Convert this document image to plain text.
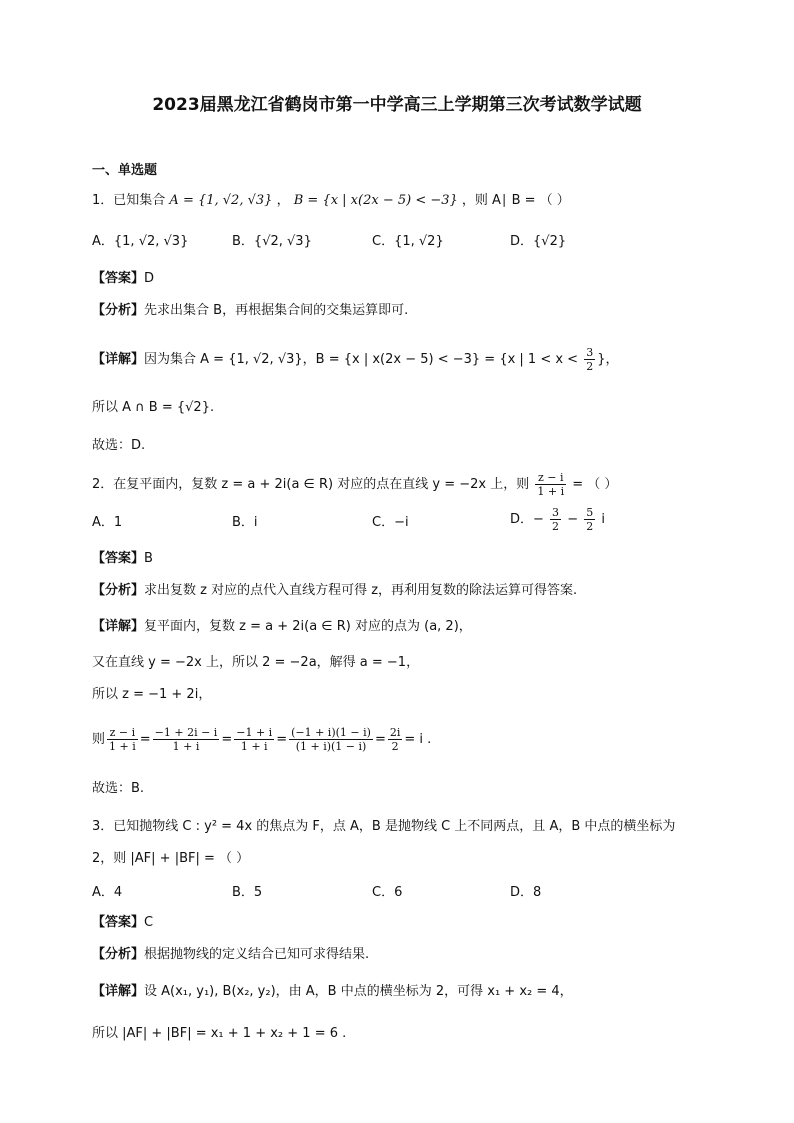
2023届黑龙江省鹤岗市第一中学高三上学期第三次考试数学试题
一、单选题
1．已知集合 A = {1, √2, √3} ， B = {x | x(2x − 5) < −3} ，则 A∣ B = （ ）
A．{1, √2, √3}	B．{√2, √3}	C．{1, √2}	D．{√2}
【答案】D
【分析】先求出集合 B，再根据集合间的交集运算即可.
【详解】因为集合 A = {1, √2, √3}，B = {x | x(2x − 5) < −3} = {x | $1 < x < \frac{3}{2}$ }，
所以 A ∩ B = {√2}.
故选：D.
2．在复平面内，复数 z = a + 2i(a ∈ R) 对应的点在直线 y = −2x 上，则 $\frac{z - i}{1 + i}$ = （ ）
A．1	B．i	C．−i	D．− $\frac{3}{2} - \frac{5}{2}$ i
【答案】B
【分析】求出复数 z 对应的点代入直线方程可得 z，再利用复数的除法运算可得答案.
【详解】复平面内，复数 z = a + 2i(a ∈ R) 对应的点为 (a, 2)，
又在直线 y = −2x 上，所以 2 = −2a，解得 a = −1，
所以 z = −1 + 2i，
则 $\frac{z - i}{1 + i} = \frac{-1 + 2i - i}{1 + i} = \frac{-1 + i}{1 + i} = \frac{(-1 + i)(1 - i)}{(1 + i)(1 - i)} = \frac{2i}{2} = i$ .
故选：B.
3．已知抛物线 C : y² = 4x 的焦点为 F，点 A，B 是抛物线 C 上不同两点，且 A，B 中点的横坐标为
2，则 |AF| + |BF| = （ ）
A．4	B．5	C．6	D．8
【答案】C
【分析】根据抛物线的定义结合已知可求得结果.
【详解】设 A(x₁, y₁), B(x₂, y₂)，由 A，B 中点的横坐标为 2，可得 x₁ + x₂ = 4，
所以 |AF| + |BF| = x₁ + 1 + x₂ + 1 = 6 .
